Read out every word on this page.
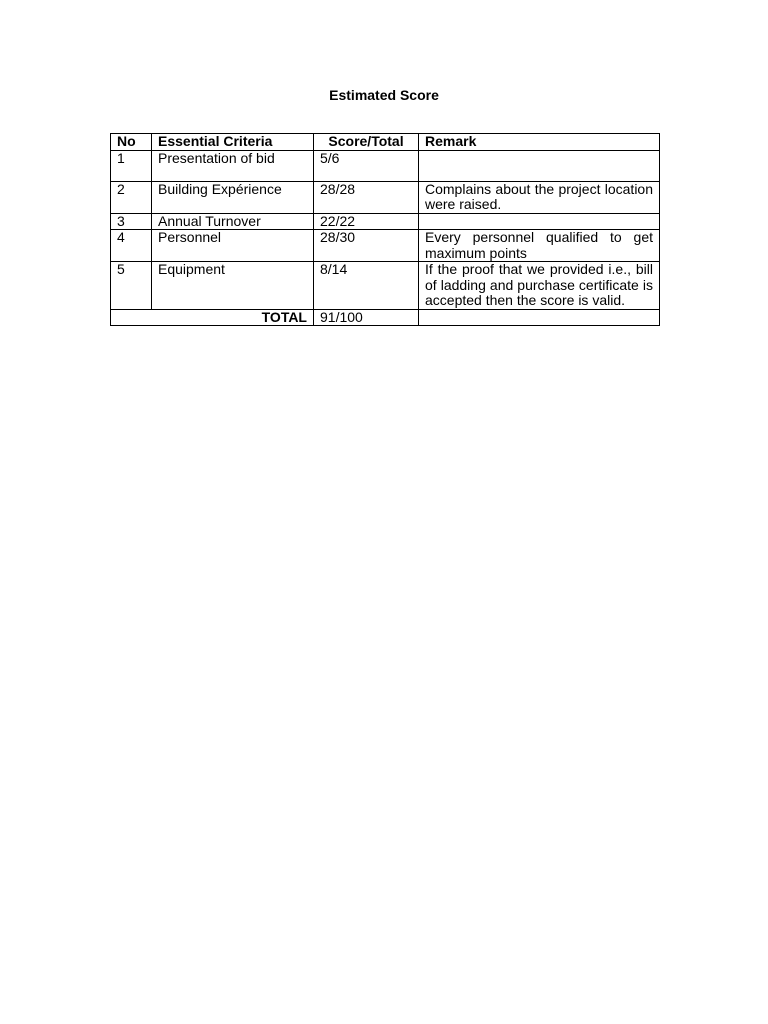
Estimated Score
No	Essential Criteria	Score/Total	Remark
1	Presentation of bid	5/6	
2	Building Expérience	28/28	Complains about the project location were raised.
3	Annual Turnover	22/22	
4	Personnel	28/30	Every personnel qualified to get maximum points
5	Equipment	8/14	If the proof that we provided i.e., bill of ladding and purchase certificate is accepted then the score is valid.
TOTAL		91/100	
